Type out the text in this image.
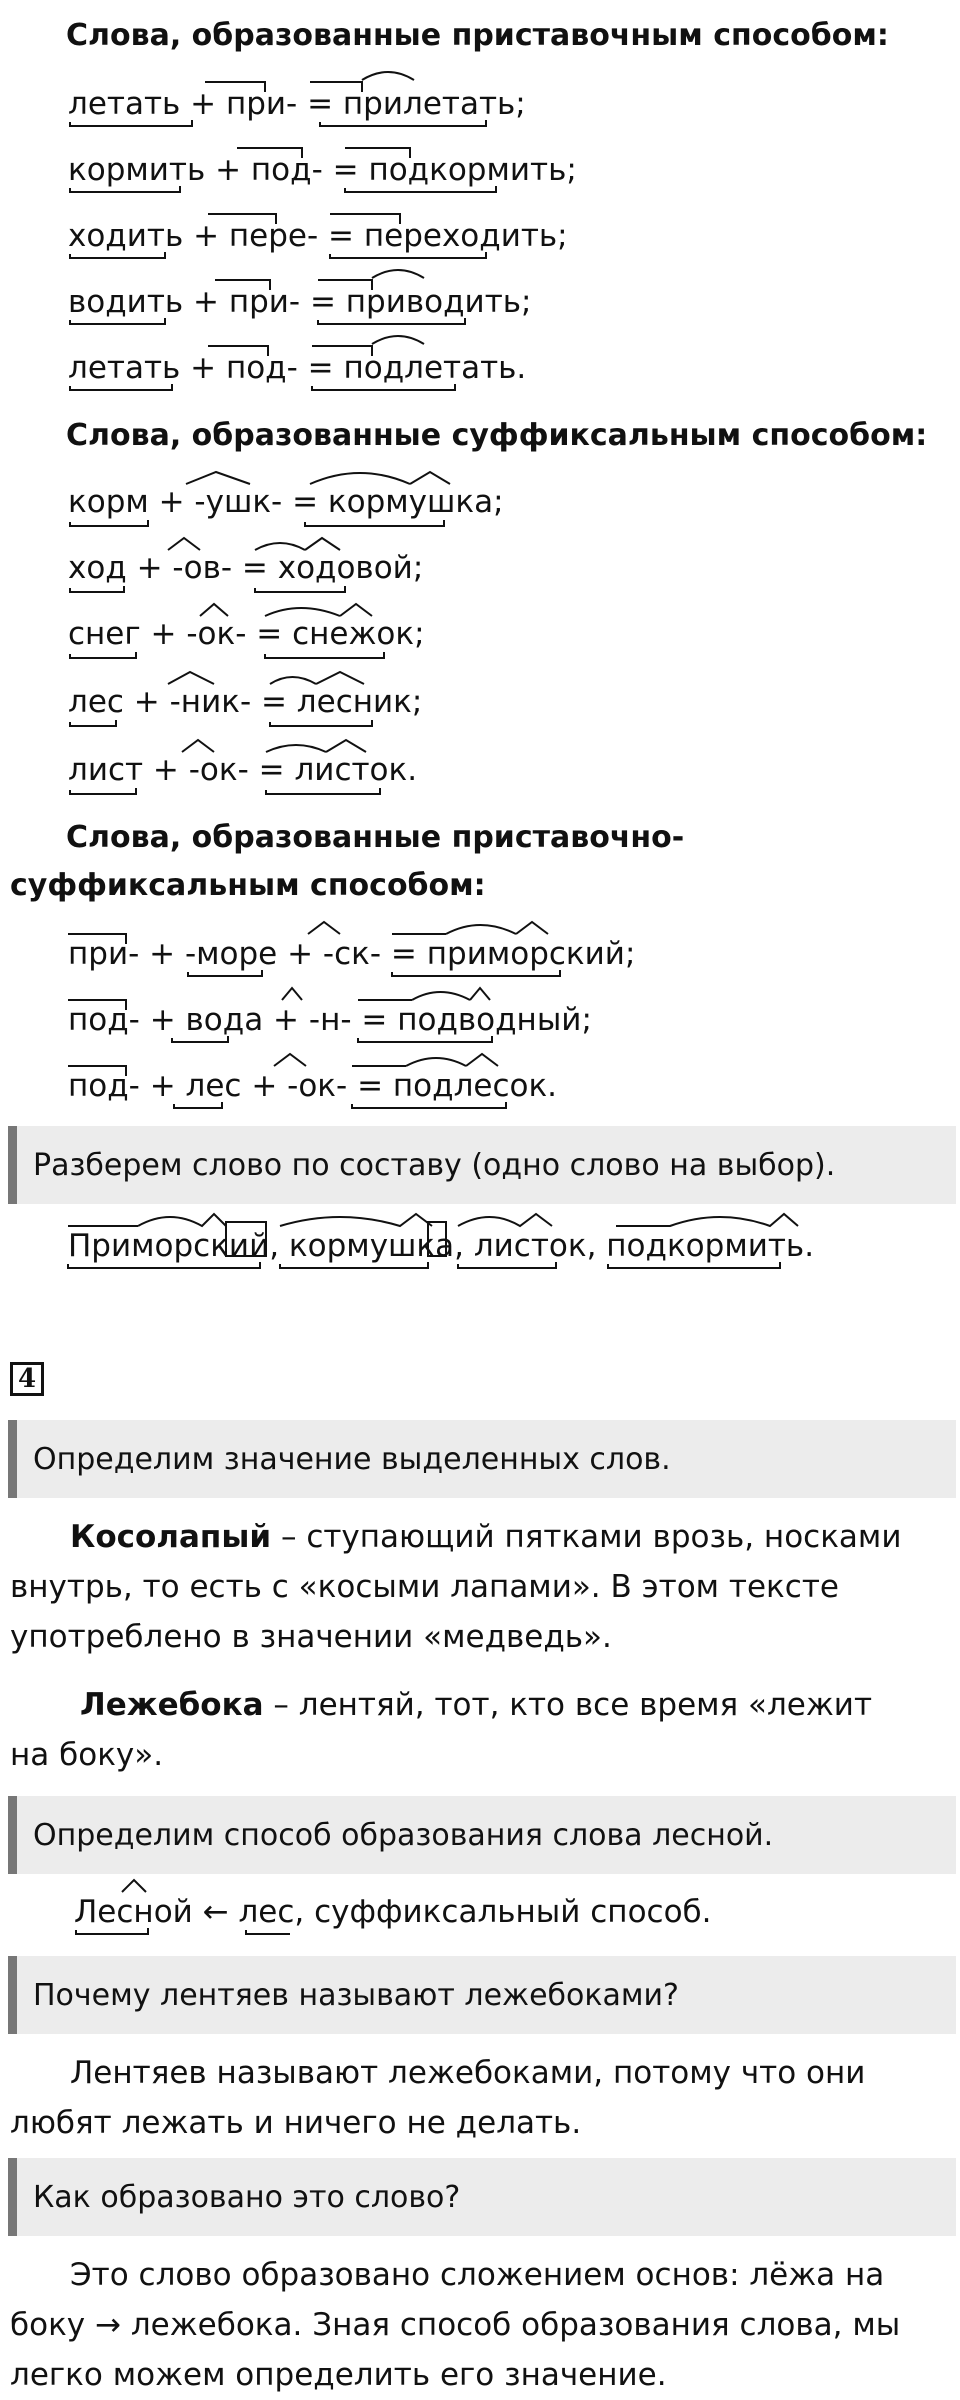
Слова, образованные приставочным способом:

летать + при- = прилетать;
кормить + под- = подкормить;
ходить + пере- = переходить;
водить + при- = приводить;
летать + под- = подлетать.

Слова, образованные суффиксальным способом:

корм + -ушк- = кормушка;
ход + -ов- = ходовой;
снег + -ок- = снежок;
лес + -ник- = лесник;
лист + -ок- = листок.

Слова, образованные приставочно-суффиксальным способом:

при- + -море + -ск- = приморский;
под- + вода + -н- = подводный;
под- + лес + -ок- = подлесок.
Разберем слово по составу (одно слово на выбор).
Приморский, кормушка, листок, подкормить.
4
Определим значение выделенных слов.

Косолапый – ступающий пятками врозь, носками внутрь, то есть с «косыми лапами». В этом тексте употреблено в значении «медведь».

Лежебока – лентяй, тот, кто все время «лежит на боку».

Определим способ образования слова лесной.
Лесной ← лес, суффиксальный способ.
Почему лентяев называют лежебоками?

Лентяев называют лежебоками, потому что они любят лежать и ничего не делать.

Как образовано это слово?

Это слово образовано сложением основ: лёжа на боку → лежебока. Зная способ образования слова, мы легко можем определить его значение.
